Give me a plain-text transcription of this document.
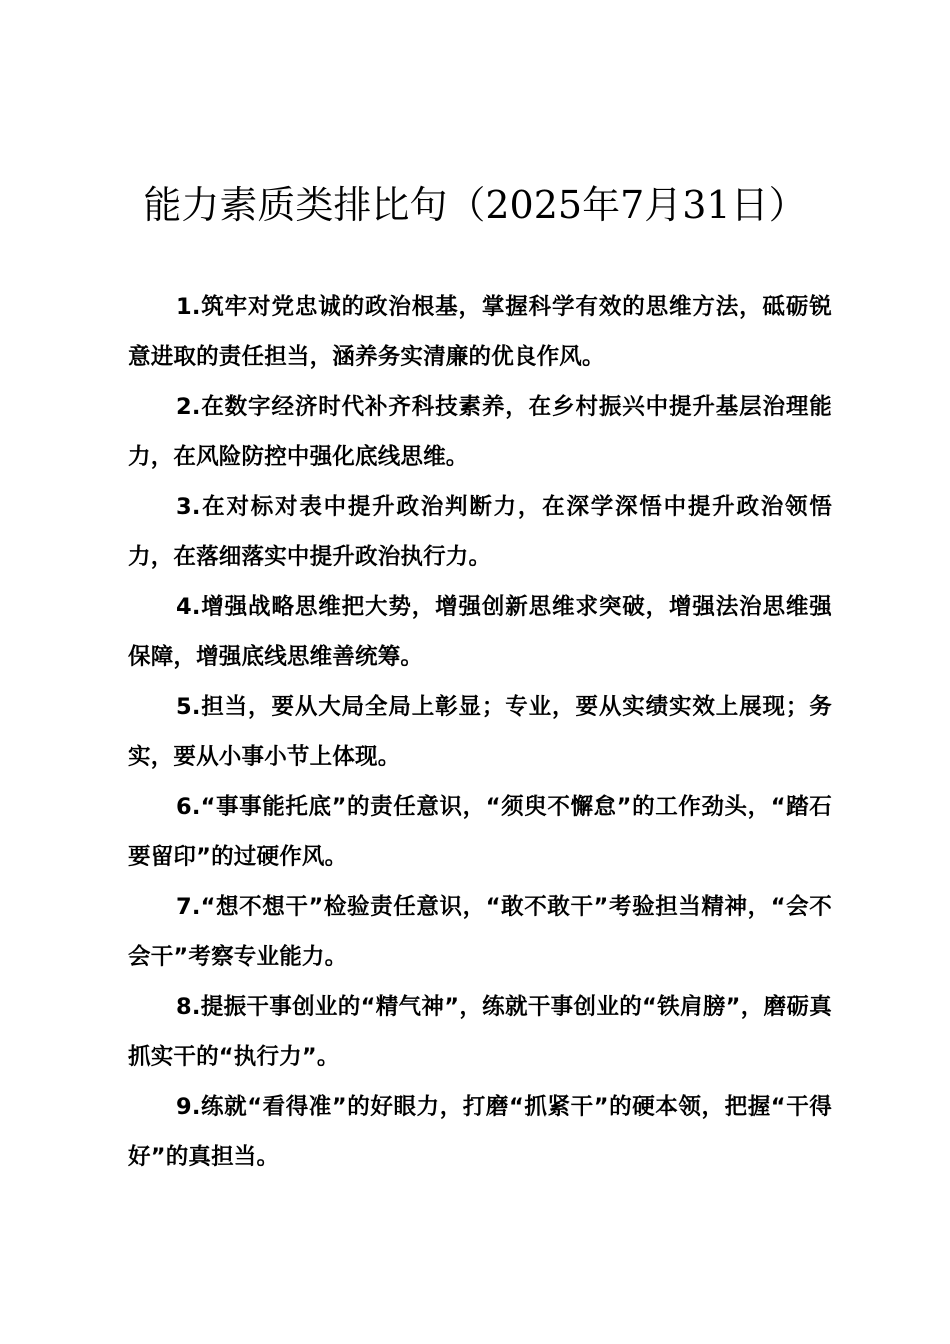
能力素质类排比句（2025年7月31日）
1.筑牢对党忠诚的政治根基，掌握科学有效的思维方法，砥砺锐意进取的责任担当，涵养务实清廉的优良作风。
2.在数字经济时代补齐科技素养，在乡村振兴中提升基层治理能力，在风险防控中强化底线思维。
3.在对标对表中提升政治判断力，在深学深悟中提升政治领悟力，在落细落实中提升政治执行力。
4.增强战略思维把大势，增强创新思维求突破，增强法治思维强保障，增强底线思维善统筹。
5.担当，要从大局全局上彰显；专业，要从实绩实效上展现；务实，要从小事小节上体现。
6.“事事能托底”的责任意识，“须臾不懈怠”的工作劲头，“踏石要留印”的过硬作风。
7.“想不想干”检验责任意识，“敢不敢干”考验担当精神，“会不会干”考察专业能力。
8.提振干事创业的“精气神”，练就干事创业的“铁肩膀”，磨砺真抓实干的“执行力”。
9.练就“看得准”的好眼力，打磨“抓紧干”的硬本领，把握“干得好”的真担当。
